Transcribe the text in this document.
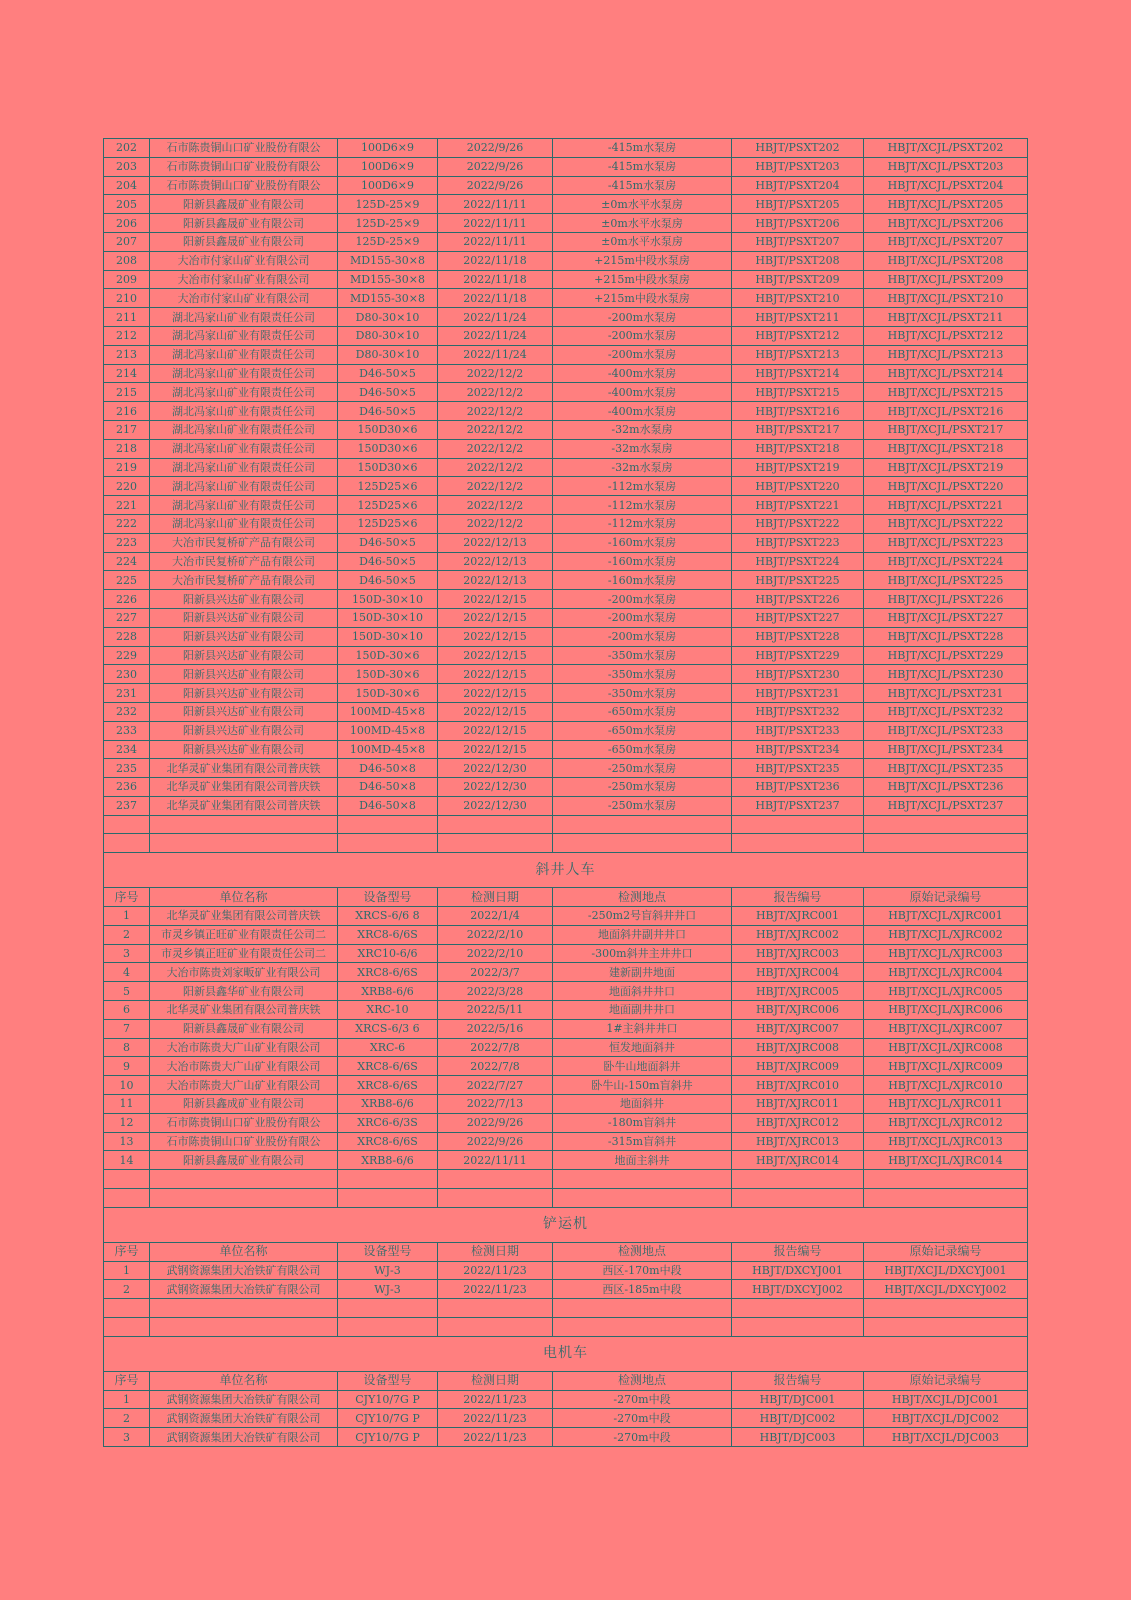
202	石市陈贵铜山口矿业股份有限公	100D6×9	2022/9/26	-415m水泵房	HBJT/PSXT202	HBJT/XCJL/PSXT202
203	石市陈贵铜山口矿业股份有限公	100D6×9	2022/9/26	-415m水泵房	HBJT/PSXT203	HBJT/XCJL/PSXT203
204	石市陈贵铜山口矿业股份有限公	100D6×9	2022/9/26	-415m水泵房	HBJT/PSXT204	HBJT/XCJL/PSXT204
205	阳新县鑫晟矿业有限公司	125D-25×9	2022/11/11	±0m水平水泵房	HBJT/PSXT205	HBJT/XCJL/PSXT205
206	阳新县鑫晟矿业有限公司	125D-25×9	2022/11/11	±0m水平水泵房	HBJT/PSXT206	HBJT/XCJL/PSXT206
207	阳新县鑫晟矿业有限公司	125D-25×9	2022/11/11	±0m水平水泵房	HBJT/PSXT207	HBJT/XCJL/PSXT207
208	大冶市付家山矿业有限公司	MD155-30×8	2022/11/18	+215m中段水泵房	HBJT/PSXT208	HBJT/XCJL/PSXT208
209	大冶市付家山矿业有限公司	MD155-30×8	2022/11/18	+215m中段水泵房	HBJT/PSXT209	HBJT/XCJL/PSXT209
210	大冶市付家山矿业有限公司	MD155-30×8	2022/11/18	+215m中段水泵房	HBJT/PSXT210	HBJT/XCJL/PSXT210
211	湖北冯家山矿业有限责任公司	D80-30×10	2022/11/24	-200m水泵房	HBJT/PSXT211	HBJT/XCJL/PSXT211
212	湖北冯家山矿业有限责任公司	D80-30×10	2022/11/24	-200m水泵房	HBJT/PSXT212	HBJT/XCJL/PSXT212
213	湖北冯家山矿业有限责任公司	D80-30×10	2022/11/24	-200m水泵房	HBJT/PSXT213	HBJT/XCJL/PSXT213
214	湖北冯家山矿业有限责任公司	D46-50×5	2022/12/2	-400m水泵房	HBJT/PSXT214	HBJT/XCJL/PSXT214
215	湖北冯家山矿业有限责任公司	D46-50×5	2022/12/2	-400m水泵房	HBJT/PSXT215	HBJT/XCJL/PSXT215
216	湖北冯家山矿业有限责任公司	D46-50×5	2022/12/2	-400m水泵房	HBJT/PSXT216	HBJT/XCJL/PSXT216
217	湖北冯家山矿业有限责任公司	150D30×6	2022/12/2	-32m水泵房	HBJT/PSXT217	HBJT/XCJL/PSXT217
218	湖北冯家山矿业有限责任公司	150D30×6	2022/12/2	-32m水泵房	HBJT/PSXT218	HBJT/XCJL/PSXT218
219	湖北冯家山矿业有限责任公司	150D30×6	2022/12/2	-32m水泵房	HBJT/PSXT219	HBJT/XCJL/PSXT219
220	湖北冯家山矿业有限责任公司	125D25×6	2022/12/2	-112m水泵房	HBJT/PSXT220	HBJT/XCJL/PSXT220
221	湖北冯家山矿业有限责任公司	125D25×6	2022/12/2	-112m水泵房	HBJT/PSXT221	HBJT/XCJL/PSXT221
222	湖北冯家山矿业有限责任公司	125D25×6	2022/12/2	-112m水泵房	HBJT/PSXT222	HBJT/XCJL/PSXT222
223	大冶市民复桥矿产品有限公司	D46-50×5	2022/12/13	-160m水泵房	HBJT/PSXT223	HBJT/XCJL/PSXT223
224	大冶市民复桥矿产品有限公司	D46-50×5	2022/12/13	-160m水泵房	HBJT/PSXT224	HBJT/XCJL/PSXT224
225	大冶市民复桥矿产品有限公司	D46-50×5	2022/12/13	-160m水泵房	HBJT/PSXT225	HBJT/XCJL/PSXT225
226	阳新县兴达矿业有限公司	150D-30×10	2022/12/15	-200m水泵房	HBJT/PSXT226	HBJT/XCJL/PSXT226
227	阳新县兴达矿业有限公司	150D-30×10	2022/12/15	-200m水泵房	HBJT/PSXT227	HBJT/XCJL/PSXT227
228	阳新县兴达矿业有限公司	150D-30×10	2022/12/15	-200m水泵房	HBJT/PSXT228	HBJT/XCJL/PSXT228
229	阳新县兴达矿业有限公司	150D-30×6	2022/12/15	-350m水泵房	HBJT/PSXT229	HBJT/XCJL/PSXT229
230	阳新县兴达矿业有限公司	150D-30×6	2022/12/15	-350m水泵房	HBJT/PSXT230	HBJT/XCJL/PSXT230
231	阳新县兴达矿业有限公司	150D-30×6	2022/12/15	-350m水泵房	HBJT/PSXT231	HBJT/XCJL/PSXT231
232	阳新县兴达矿业有限公司	100MD-45×8	2022/12/15	-650m水泵房	HBJT/PSXT232	HBJT/XCJL/PSXT232
233	阳新县兴达矿业有限公司	100MD-45×8	2022/12/15	-650m水泵房	HBJT/PSXT233	HBJT/XCJL/PSXT233
234	阳新县兴达矿业有限公司	100MD-45×8	2022/12/15	-650m水泵房	HBJT/PSXT234	HBJT/XCJL/PSXT234
235	北华灵矿业集团有限公司普庆铁	D46-50×8	2022/12/30	-250m水泵房	HBJT/PSXT235	HBJT/XCJL/PSXT235
236	北华灵矿业集团有限公司普庆铁	D46-50×8	2022/12/30	-250m水泵房	HBJT/PSXT236	HBJT/XCJL/PSXT236
237	北华灵矿业集团有限公司普庆铁	D46-50×8	2022/12/30	-250m水泵房	HBJT/PSXT237	HBJT/XCJL/PSXT237

斜井人车						
序号	单位名称	设备型号	检测日期	检测地点	报告编号	原始记录编号
1	北华灵矿业集团有限公司普庆铁	XRCS-6/6 8	2022/1/4	-250m2号盲斜井井口	HBJT/XJRC001	HBJT/XCJL/XJRC001
2	市灵乡镇正旺矿业有限责任公司二	XRC8-6/6S	2022/2/10	地面斜井副井井口	HBJT/XJRC002	HBJT/XCJL/XJRC002
3	市灵乡镇正旺矿业有限责任公司二	XRC10-6/6	2022/2/10	-300m斜井主井井口	HBJT/XJRC003	HBJT/XCJL/XJRC003
4	大冶市陈贵刘家畈矿业有限公司	XRC8-6/6S	2022/3/7	建新副井地面	HBJT/XJRC004	HBJT/XCJL/XJRC004
5	阳新县鑫华矿业有限公司	XRB8-6/6	2022/3/28	地面斜井井口	HBJT/XJRC005	HBJT/XCJL/XJRC005
6	北华灵矿业集团有限公司普庆铁	XRC-10	2022/5/11	地面副井井口	HBJT/XJRC006	HBJT/XCJL/XJRC006
7	阳新县鑫晟矿业有限公司	XRCS-6/3 6	2022/5/16	1#主斜井井口	HBJT/XJRC007	HBJT/XCJL/XJRC007
8	大冶市陈贵大广山矿业有限公司	XRC-6	2022/7/8	恒发地面斜井	HBJT/XJRC008	HBJT/XCJL/XJRC008
9	大冶市陈贵大广山矿业有限公司	XRC8-6/6S	2022/7/8	卧牛山地面斜井	HBJT/XJRC009	HBJT/XCJL/XJRC009
10	大冶市陈贵大广山矿业有限公司	XRC8-6/6S	2022/7/27	卧牛山-150m盲斜井	HBJT/XJRC010	HBJT/XCJL/XJRC010
11	阳新县鑫成矿业有限公司	XRB8-6/6	2022/7/13	地面斜井	HBJT/XJRC011	HBJT/XCJL/XJRC011
12	石市陈贵铜山口矿业股份有限公	XRC6-6/3S	2022/9/26	-180m盲斜井	HBJT/XJRC012	HBJT/XCJL/XJRC012
13	石市陈贵铜山口矿业股份有限公	XRC8-6/6S	2022/9/26	-315m盲斜井	HBJT/XJRC013	HBJT/XCJL/XJRC013
14	阳新县鑫晟矿业有限公司	XRB8-6/6	2022/11/11	地面主斜井	HBJT/XJRC014	HBJT/XCJL/XJRC014

铲运机						
序号	单位名称	设备型号	检测日期	检测地点	报告编号	原始记录编号
1	武钢资源集团大冶铁矿有限公司	WJ-3	2022/11/23	西区-170m中段	HBJT/DXCYJ001	HBJT/XCJL/DXCYJ001
2	武钢资源集团大冶铁矿有限公司	WJ-3	2022/11/23	西区-185m中段	HBJT/DXCYJ002	HBJT/XCJL/DXCYJ002

电机车						
序号	单位名称	设备型号	检测日期	检测地点	报告编号	原始记录编号
1	武钢资源集团大冶铁矿有限公司	CJY10/7G P	2022/11/23	-270m中段	HBJT/DJC001	HBJT/XCJL/DJC001
2	武钢资源集团大冶铁矿有限公司	CJY10/7G P	2022/11/23	-270m中段	HBJT/DJC002	HBJT/XCJL/DJC002
3	武钢资源集团大冶铁矿有限公司	CJY10/7G P	2022/11/23	-270m中段	HBJT/DJC003	HBJT/XCJL/DJC003
